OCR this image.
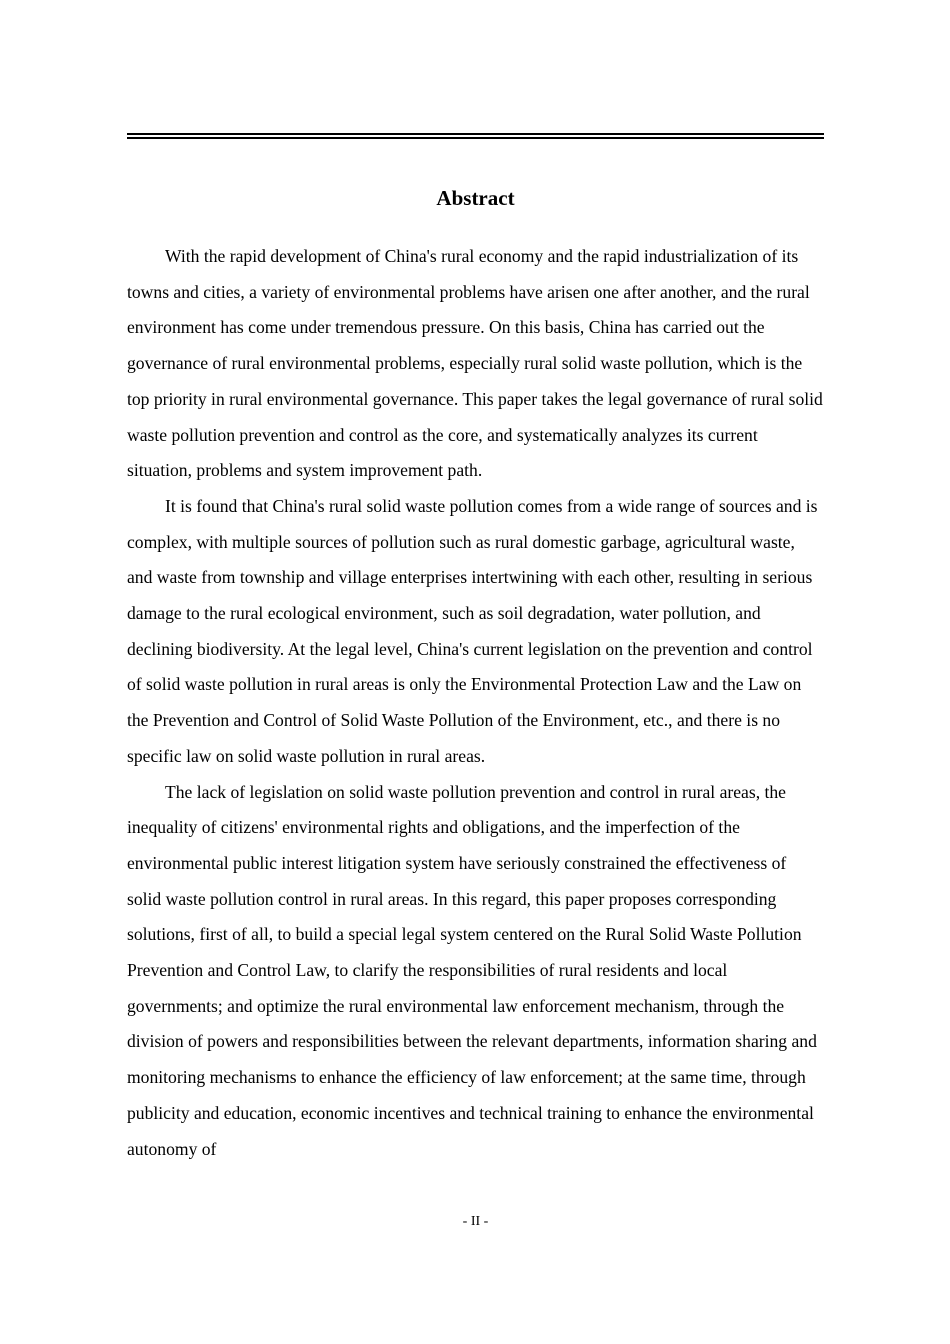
Abstract

With the rapid development of China's rural economy and the rapid industrialization of its towns and cities, a variety of environmental problems have arisen one after another, and the rural environment has come under tremendous pressure. On this basis, China has carried out the governance of rural environmental problems, especially rural solid waste pollution, which is the top priority in rural environmental governance. This paper takes the legal governance of rural solid waste pollution prevention and control as the core, and systematically analyzes its current situation, problems and system improvement path.

It is found that China's rural solid waste pollution comes from a wide range of sources and is complex, with multiple sources of pollution such as rural domestic garbage, agricultural waste, and waste from township and village enterprises intertwining with each other, resulting in serious damage to the rural ecological environment, such as soil degradation, water pollution, and declining biodiversity. At the legal level, China's current legislation on the prevention and control of solid waste pollution in rural areas is only the Environmental Protection Law and the Law on the Prevention and Control of Solid Waste Pollution of the Environment, etc., and there is no specific law on solid waste pollution in rural areas.

The lack of legislation on solid waste pollution prevention and control in rural areas, the inequality of citizens' environmental rights and obligations, and the imperfection of the environmental public interest litigation system have seriously constrained the effectiveness of solid waste pollution control in rural areas. In this regard, this paper proposes corresponding solutions, first of all, to build a special legal system centered on the Rural Solid Waste Pollution Prevention and Control Law, to clarify the responsibilities of rural residents and local governments; and optimize the rural environmental law enforcement mechanism, through the division of powers and responsibilities between the relevant departments, information sharing and monitoring mechanisms to enhance the efficiency of law enforcement; at the same time, through publicity and education, economic incentives and technical training to enhance the environmental autonomy of

- II -
